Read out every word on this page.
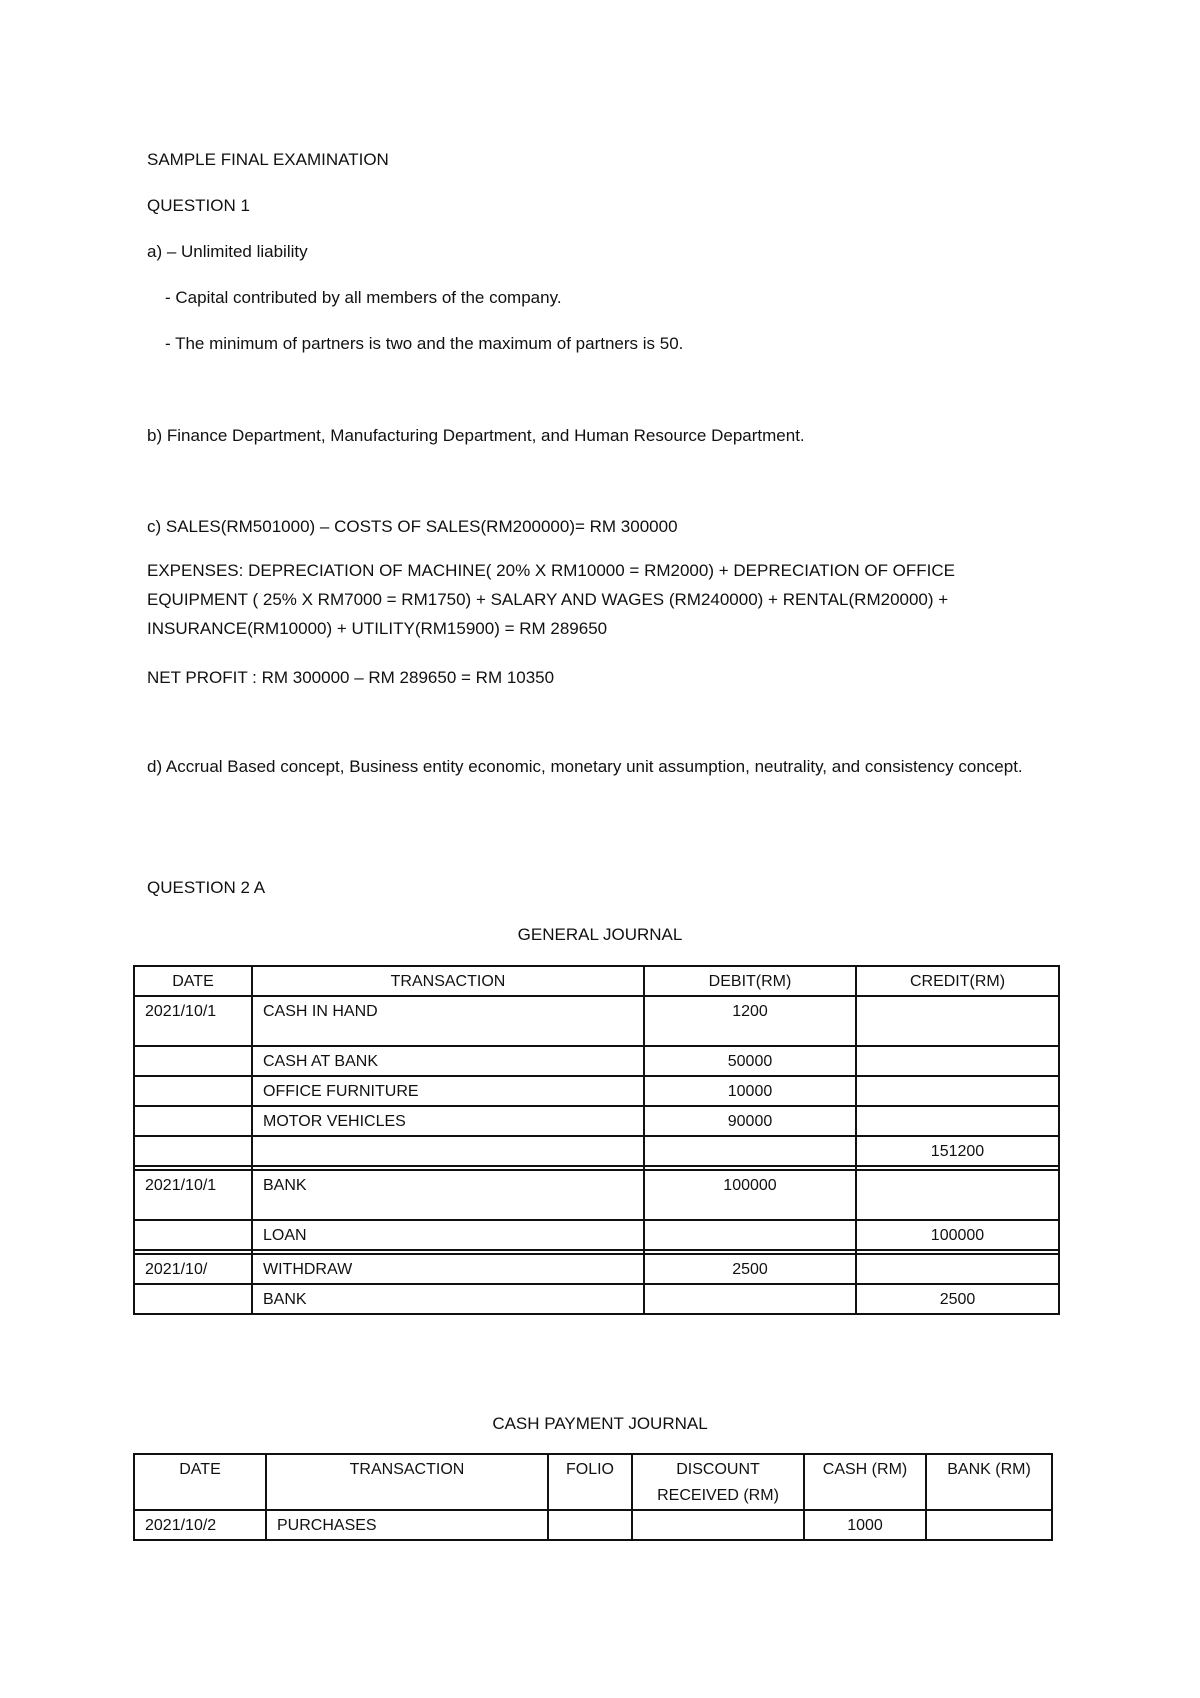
SAMPLE FINAL EXAMINATION

QUESTION 1

a) – Unlimited liability

- Capital contributed by all members of the company.

- The minimum of partners is two and the maximum of partners is 50.

b) Finance Department, Manufacturing Department, and Human Resource Department.

c) SALES(RM501000) – COSTS OF SALES(RM200000)= RM 300000

EXPENSES: DEPRECIATION OF MACHINE( 20% X RM10000 = RM2000) + DEPRECIATION OF OFFICE EQUIPMENT ( 25% X RM7000 = RM1750) + SALARY AND WAGES (RM240000) + RENTAL(RM20000) + INSURANCE(RM10000) + UTILITY(RM15900) = RM 289650

NET PROFIT : RM 300000 – RM 289650 = RM 10350

d) Accrual Based concept, Business entity economic, monetary unit assumption, neutrality, and consistency concept.

QUESTION 2 A

GENERAL JOURNAL

DATE	TRANSACTION	DEBIT(RM)	CREDIT(RM)
2021/10/1	CASH IN HAND	1200	
	CASH AT BANK	50000	
	OFFICE FURNITURE	10000	
	MOTOR VEHICLES	90000	
			151200

2021/10/1	BANK	100000	
	LOAN		100000

2021/10/	WITHDRAW	2500	
	BANK		2500

CASH PAYMENT JOURNAL

DATE	TRANSACTION	FOLIO	DISCOUNT RECEIVED (RM)	CASH (RM)	BANK (RM)
2021/10/2	PURCHASES			1000	
